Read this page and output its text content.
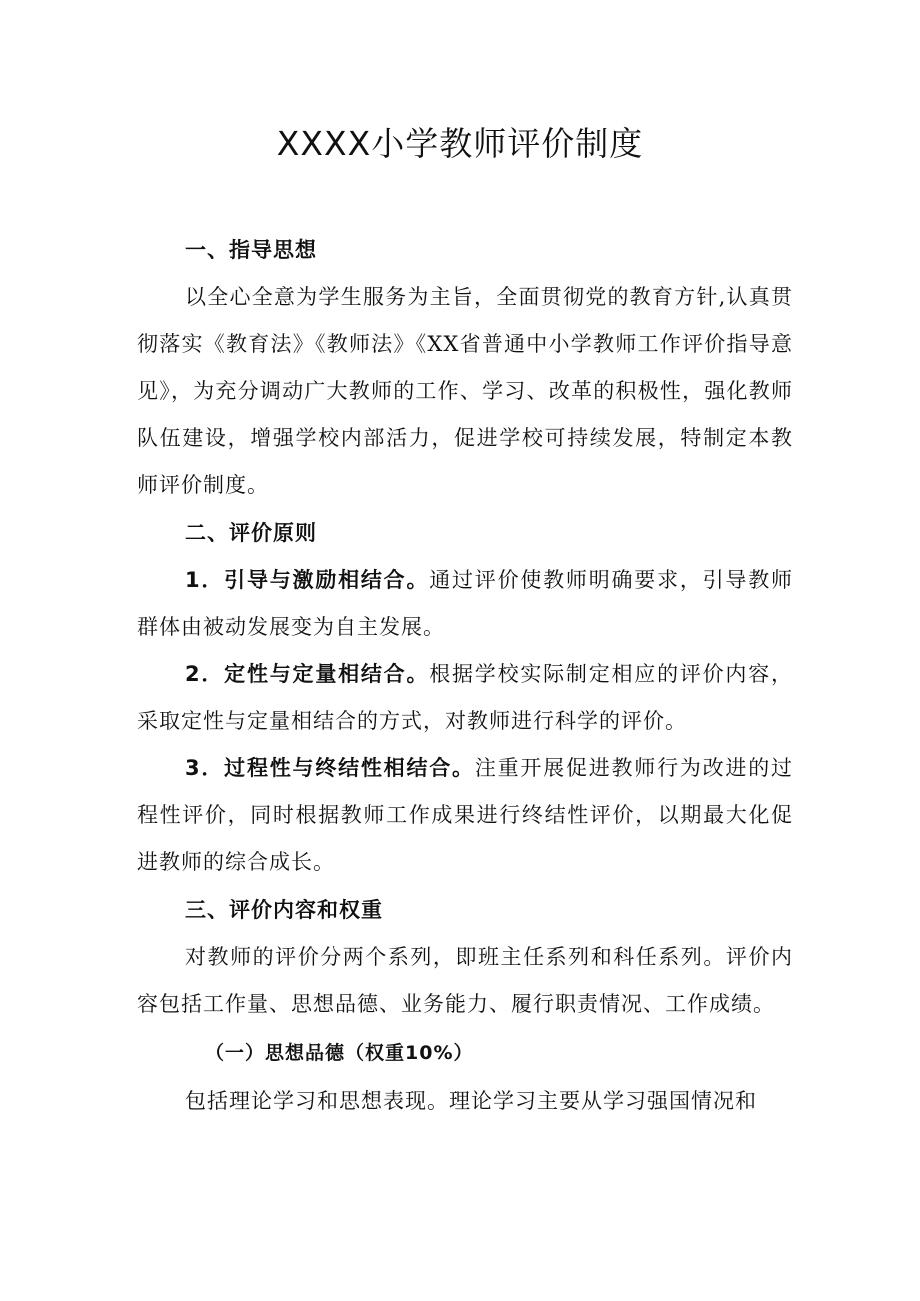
XXXX小学教师评价制度

一、指导思想

以全心全意为学生服务为主旨，全面贯彻党的教育方针,认真贯彻落实《教育法》《教师法》《XX省普通中小学教师工作评价指导意见》，为充分调动广大教师的工作、学习、改革的积极性，强化教师队伍建设，增强学校内部活力，促进学校可持续发展，特制定本教师评价制度。

二、评价原则

1．引导与激励相结合。通过评价使教师明确要求，引导教师群体由被动发展变为自主发展。

2．定性与定量相结合。根据学校实际制定相应的评价内容，采取定性与定量相结合的方式，对教师进行科学的评价。

3．过程性与终结性相结合。注重开展促进教师行为改进的过程性评价，同时根据教师工作成果进行终结性评价，以期最大化促进教师的综合成长。

三、评价内容和权重

对教师的评价分两个系列，即班主任系列和科任系列。评价内容包括工作量、思想品德、业务能力、履行职责情况、工作成绩。

（一）思想品德（权重10%）

包括理论学习和思想表现。理论学习主要从学习强国情况和
